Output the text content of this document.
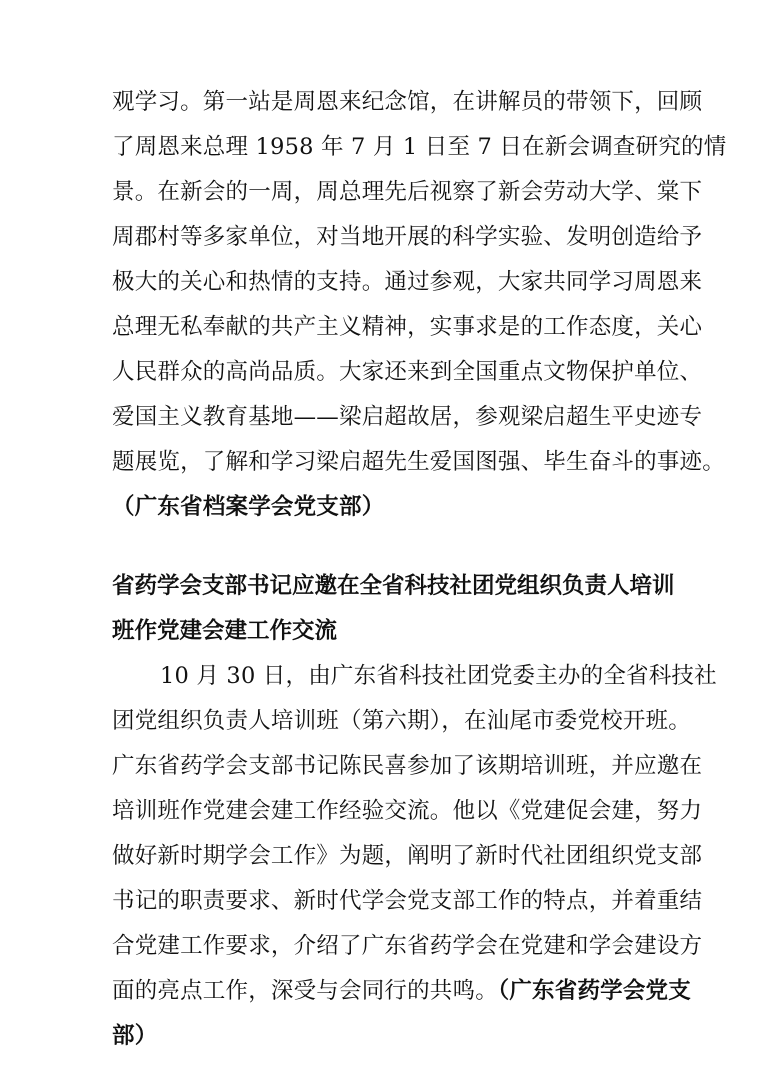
观学习。第一站是周恩来纪念馆，在讲解员的带领下，回顾
了周恩来总理 1958 年 7 月 1 日至 7 日在新会调查研究的情
景。在新会的一周，周总理先后视察了新会劳动大学、棠下
周郡村等多家单位，对当地开展的科学实验、发明创造给予
极大的关心和热情的支持。通过参观，大家共同学习周恩来
总理无私奉献的共产主义精神，实事求是的工作态度，关心
人民群众的高尚品质。大家还来到全国重点文物保护单位、
爱国主义教育基地——梁启超故居，参观梁启超生平史迹专
题展览，了解和学习梁启超先生爱国图强、毕生奋斗的事迹。
（广东省档案学会党支部）
省药学会支部书记应邀在全省科技社团党组织负责人培训
班作党建会建工作交流
10 月 30 日，由广东省科技社团党委主办的全省科技社
团党组织负责人培训班（第六期），在汕尾市委党校开班。
广东省药学会支部书记陈民喜参加了该期培训班，并应邀在
培训班作党建会建工作经验交流。他以《党建促会建，努力
做好新时期学会工作》为题，阐明了新时代社团组织党支部
书记的职责要求、新时代学会党支部工作的特点，并着重结
合党建工作要求，介绍了广东省药学会在党建和学会建设方
面的亮点工作，深受与会同行的共鸣。（广东省药学会党支
部）
